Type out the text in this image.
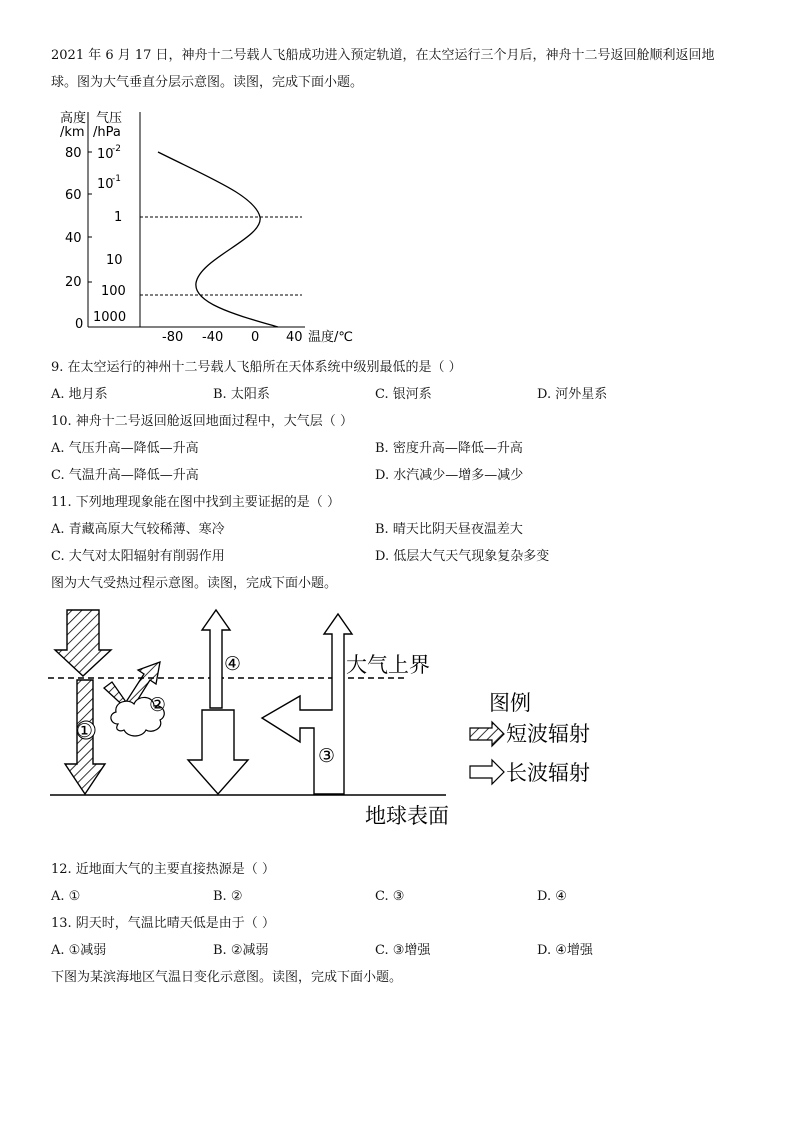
2021 年 6 月 17 日，神舟十二号载人飞船成功进入预定轨道，在太空运行三个月后，神舟十二号返回舱顺利返回地
球。图为大气垂直分层示意图。读图，完成下面小题。
高度
/km
气压
/hPa
80
60
40
20
0
10
-2
10
-1
1
10
100
1000
-80 -40 0 40 温度/℃
9. 在太空运行的神州十二号载人飞船所在天体系统中级别最低的是（ ）
A. 地月系	B. 太阳系	C. 银河系	D. 河外星系
10. 神舟十二号返回舱返回地面过程中，大气层（ ）
A. 气压升高—降低—升高	B. 密度升高—降低—升高
C. 气温升高—降低—升高	D. 水汽减少—增多—减少
11. 下列地理现象能在图中找到主要证据的是（ ）
A. 青藏高原大气较稀薄、寒冷	B. 晴天比阴天昼夜温差大
C. 大气对太阳辐射有削弱作用	D. 低层大气天气现象复杂多变
图为大气受热过程示意图。读图，完成下面小题。
大气上界
地球表面
①
②
④
③
图例
短波辐射
长波辐射
12. 近地面大气的主要直接热源是（ ）
A. ①	B. ②	C. ③	D. ④
13. 阴天时，气温比晴天低是由于（ ）
A. ①减弱	B. ②减弱	C. ③增强	D. ④增强
下图为某滨海地区气温日变化示意图。读图，完成下面小题。
